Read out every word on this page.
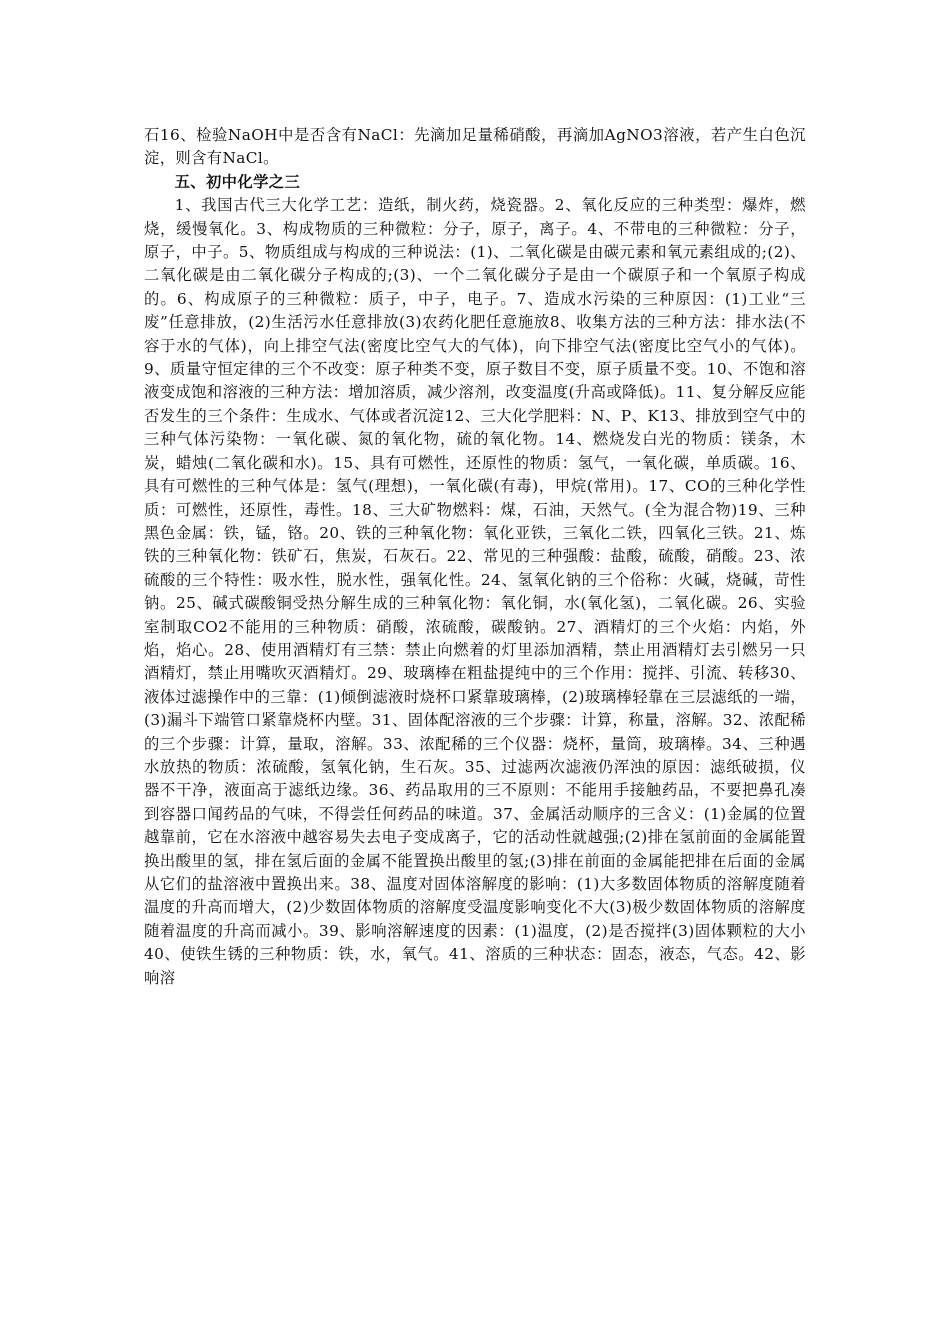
石16、检验NaOH中是否含有NaCl：先滴加足量稀硝酸，再滴加AgNO3溶液，若产生白色沉淀，则含有NaCl。

五、初中化学之三

1、我国古代三大化学工艺：造纸，制火药，烧瓷器。2、氧化反应的三种类型：爆炸，燃烧，缓慢氧化。3、构成物质的三种微粒：分子，原子，离子。4、不带电的三种微粒：分子，原子，中子。5、物质组成与构成的三种说法：(1)、二氧化碳是由碳元素和氧元素组成的;(2)、二氧化碳是由二氧化碳分子构成的;(3)、一个二氧化碳分子是由一个碳原子和一个氧原子构成的。6、构成原子的三种微粒：质子，中子，电子。7、造成水污染的三种原因：(1)工业“三废”任意排放，(2)生活污水任意排放(3)农药化肥任意施放8、收集方法的三种方法：排水法(不容于水的气体)，向上排空气法(密度比空气大的气体)，向下排空气法(密度比空气小的气体)。9、质量守恒定律的三个不改变：原子种类不变，原子数目不变，原子质量不变。10、不饱和溶液变成饱和溶液的三种方法：增加溶质，减少溶剂，改变温度(升高或降低)。11、复分解反应能否发生的三个条件：生成水、气体或者沉淀12、三大化学肥料：N、P、K13、排放到空气中的三种气体污染物：一氧化碳、氮的氧化物，硫的氧化物。14、燃烧发白光的物质：镁条，木炭，蜡烛(二氧化碳和水)。15、具有可燃性，还原性的物质：氢气，一氧化碳，单质碳。16、具有可燃性的三种气体是：氢气(理想)，一氧化碳(有毒)，甲烷(常用)。17、CO的三种化学性质：可燃性，还原性，毒性。18、三大矿物燃料：煤，石油，天然气。(全为混合物)19、三种黑色金属：铁，锰，铬。20、铁的三种氧化物：氧化亚铁，三氧化二铁，四氧化三铁。21、炼铁的三种氧化物：铁矿石，焦炭，石灰石。22、常见的三种强酸：盐酸，硫酸，硝酸。23、浓硫酸的三个特性：吸水性，脱水性，强氧化性。24、氢氧化钠的三个俗称：火碱，烧碱，苛性钠。25、碱式碳酸铜受热分解生成的三种氧化物：氧化铜，水(氧化氢)，二氧化碳。26、实验室制取CO2不能用的三种物质：硝酸，浓硫酸，碳酸钠。27、酒精灯的三个火焰：内焰，外焰，焰心。28、使用酒精灯有三禁：禁止向燃着的灯里添加酒精，禁止用酒精灯去引燃另一只酒精灯，禁止用嘴吹灭酒精灯。29、玻璃棒在粗盐提纯中的三个作用：搅拌、引流、转移30、液体过滤操作中的三靠：(1)倾倒滤液时烧杯口紧靠玻璃棒，(2)玻璃棒轻靠在三层滤纸的一端，(3)漏斗下端管口紧靠烧杯内壁。31、固体配溶液的三个步骤：计算，称量，溶解。32、浓配稀的三个步骤：计算，量取，溶解。33、浓配稀的三个仪器：烧杯，量筒，玻璃棒。34、三种遇水放热的物质：浓硫酸，氢氧化钠，生石灰。35、过滤两次滤液仍浑浊的原因：滤纸破损，仪器不干净，液面高于滤纸边缘。36、药品取用的三不原则：不能用手接触药品，不要把鼻孔凑到容器口闻药品的气味，不得尝任何药品的味道。37、金属活动顺序的三含义：(1)金属的位置越靠前，它在水溶液中越容易失去电子变成离子，它的活动性就越强;(2)排在氢前面的金属能置换出酸里的氢，排在氢后面的金属不能置换出酸里的氢;(3)排在前面的金属能把排在后面的金属从它们的盐溶液中置换出来。38、温度对固体溶解度的影响：(1)大多数固体物质的溶解度随着温度的升高而增大，(2)少数固体物质的溶解度受温度影响变化不大(3)极少数固体物质的溶解度随着温度的升高而减小。39、影响溶解速度的因素：(1)温度，(2)是否搅拌(3)固体颗粒的大小40、使铁生锈的三种物质：铁，水，氧气。41、溶质的三种状态：固态，液态，气态。42、影响溶
